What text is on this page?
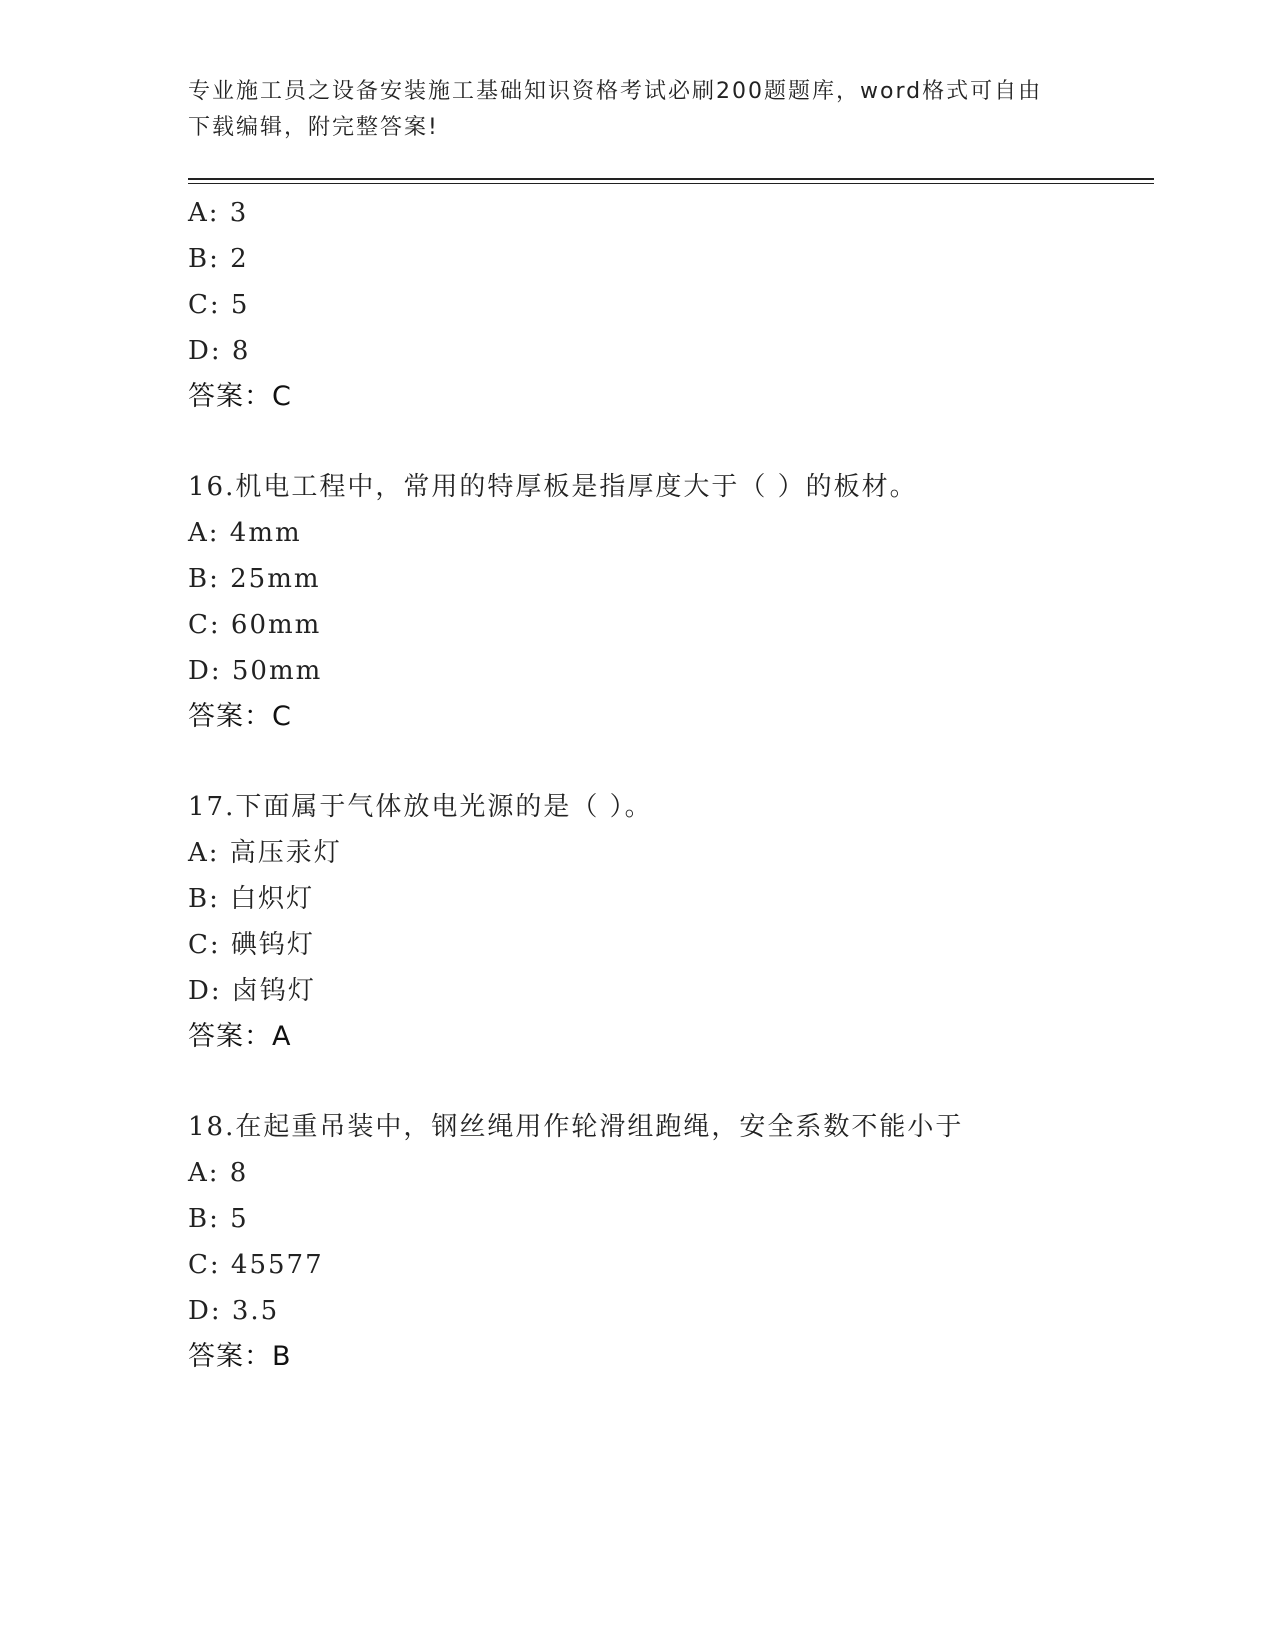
专业施工员之设备安装施工基础知识资格考试必刷200题题库，word格式可自由
下载编辑，附完整答案!
A: 3
B: 2
C: 5
D: 8
答案：C
16.机电工程中，常用的特厚板是指厚度大于（ ）的板材。
A: 4mm
B: 25mm
C: 60mm
D: 50mm
答案：C
17.下面属于气体放电光源的是（ ）。
A: 高压汞灯
B: 白炽灯
C: 碘钨灯
D: 卤钨灯
答案：A
18.在起重吊装中，钢丝绳用作轮滑组跑绳，安全系数不能小于
A: 8
B: 5
C: 45577
D: 3.5
答案：B
